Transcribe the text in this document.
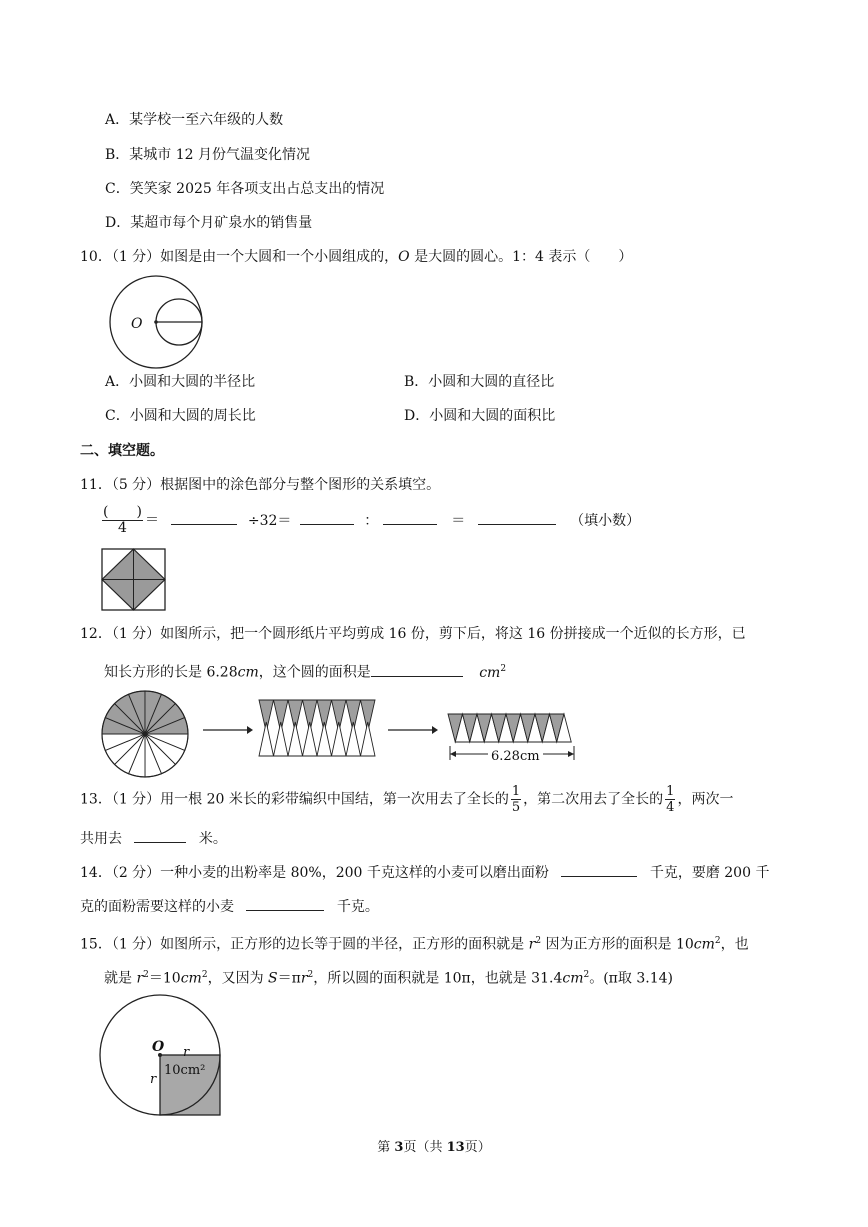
A．某学校一至六年级的人数
B．某城市 12 月份气温变化情况
C．笑笑家 2025 年各项支出占总支出的情况
D．某超市每个月矿泉水的销售量
10．（1 分）如图是由一个大圆和一个小圆组成的，O 是大圆的圆心。1：4 表示（　　）
O
A．小圆和大圆的半径比	B．小圆和大圆的直径比
C．小圆和大圆的周长比	D．小圆和大圆的面积比
二、填空题。
11．（5 分）根据图中的涂色部分与整个图形的关系填空。
$\frac{( )}{4}$ ＝	÷32＝	：	＝	（填小数）
12．（1 分）如图所示，把一个圆形纸片平均剪成 16 份，剪下后，将这 16 份拼接成一个近似的长方形，已
知长方形的长是 6.28cm，这个圆的面积是	$cm^2$
6.28cm
13．（1 分）用一根 20 米长的彩带编织中国结，第一次用去了全长的 $\frac{1}{5}$ ，第二次用去了全长的 $\frac{1}{4}$ ，两次一
共用去	米。
14．（2 分）一种小麦的出粉率是 80%，200 千克这样的小麦可以磨出面粉	千克，要磨 200 千
克的面粉需要这样的小麦	千克。
15．（1 分）如图所示，正方形的边长等于圆的半径，正方形的面积就是 $r^2$ 因为正方形的面积是 $10cm^2$，也
就是 $r^2=10cm^2$，又因为 $S=\pi r^2$，所以圆的面积就是 10π，也就是 $31.4cm^2$。(π取 3.14)
O r
r
10cm²
第 3页（共 13页）
